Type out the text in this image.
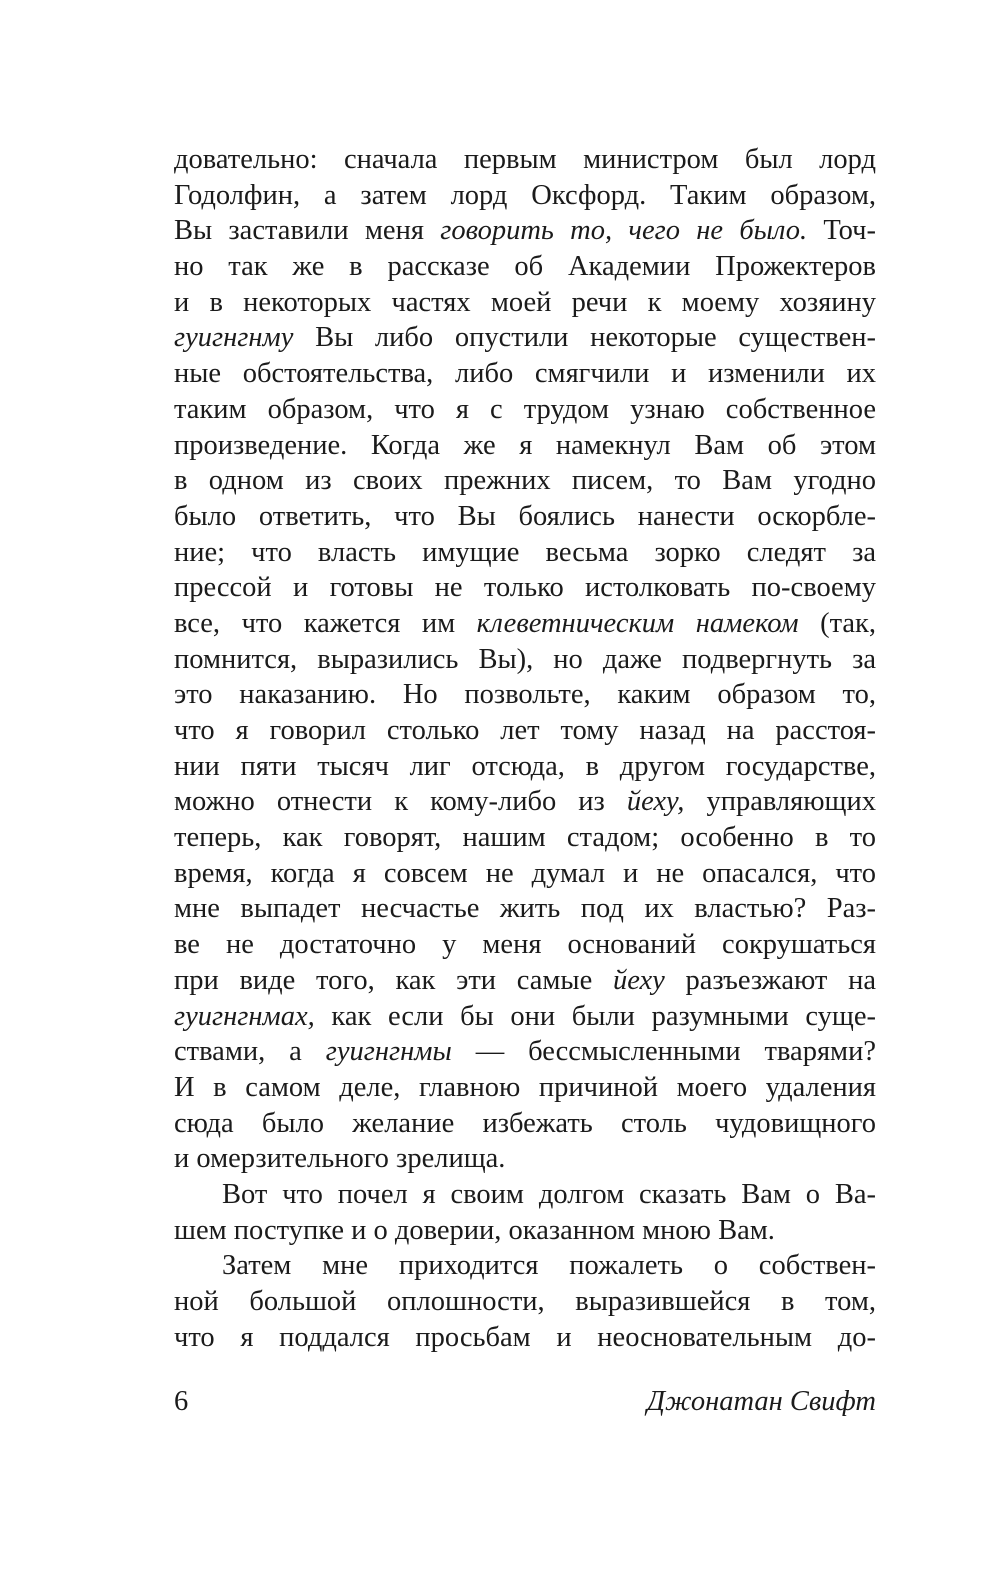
довательно: сначала первым министром был лорд
Годолфин, а затем лорд Оксфорд. Таким образом,
Вы заставили меня говорить то, чего не было. Точ-
но так же в рассказе об Академии Прожектеров
и в некоторых частях моей речи к моему хозяину
гуигнгнму Вы либо опустили некоторые существен-
ные обстоятельства, либо смягчили и изменили их
таким образом, что я с трудом узнаю собственное
произведение. Когда же я намекнул Вам об этом
в одном из своих прежних писем, то Вам угодно
было ответить, что Вы боялись нанести оскорбле-
ние; что власть имущие весьма зорко следят за
прессой и готовы не только истолковать по-своему
все, что кажется им клеветническим намеком (так,
помнится, выразились Вы), но даже подвергнуть за
это наказанию. Но позвольте, каким образом то,
что я говорил столько лет тому назад на расстоя-
нии пяти тысяч лиг отсюда, в другом государстве,
можно отнести к кому-либо из йеху, управляющих
теперь, как говорят, нашим стадом; особенно в то
время, когда я совсем не думал и не опасался, что
мне выпадет несчастье жить под их властью? Раз-
ве не достаточно у меня оснований сокрушаться
при виде того, как эти самые йеху разъезжают на
гуигнгнмах, как если бы они были разумными суще-
ствами, а гуигнгнмы — бессмысленными тварями?
И в самом деле, главною причиной моего удаления
сюда было желание избежать столь чудовищного
и омерзительного зрелища.
Вот что почел я своим долгом сказать Вам о Ва-
шем поступке и о доверии, оказанном мною Вам.
Затем мне приходится пожалеть о собствен-
ной большой оплошности, выразившейся в том,
что я поддался просьбам и неосновательным до-
6	Джонатан Свифт
